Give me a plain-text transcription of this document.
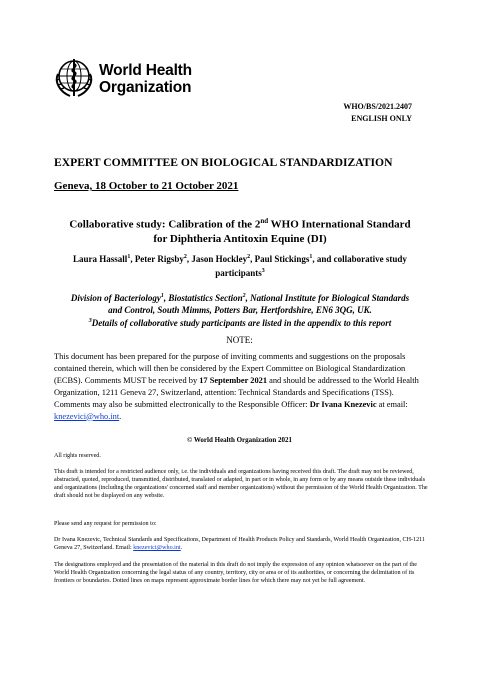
World Health
Organization
WHO/BS/2021.2407
ENGLISH ONLY
EXPERT COMMITTEE ON BIOLOGICAL STANDARDIZATION
Geneva, 18 October to 21 October 2021
Collaborative study: Calibration of the 2nd WHO International Standard
for Diphtheria Antitoxin Equine (DI)
Laura Hassall$^1$, Peter Rigsby$^2$, Jason Hockley$^2$, Paul Stickings$^1$, and collaborative study
participants$^3$
Division of Bacteriology$^1$, Biostatistics Section$^2$, National Institute for Biological Standards
and Control, South Mimms, Potters Bar, Hertfordshire, EN6 3QG, UK.
$^3$Details of collaborative study participants are listed in the appendix to this report
NOTE:
This document has been prepared for the purpose of inviting comments and suggestions on the proposals contained therein, which will then be considered by the Expert Committee on Biological Standardization (ECBS). Comments MUST be received by 17 September 2021 and should be addressed to the World Health Organization, 1211 Geneva 27, Switzerland, attention: Technical Standards and Specifications (TSS). Comments may also be submitted electronically to the Responsible Officer: Dr Ivana Knezevic at email: knezevici@who.int.
© World Health Organization 2021
All rights reserved.
This draft is intended for a restricted audience only, i.e. the individuals and organizations having received this draft. The draft may not be reviewed, abstracted, quoted, reproduced, transmitted, distributed, translated or adapted, in part or in whole, in any form or by any means outside these individuals and organizations (including the organizations' concerned staff and member organizations) without the permission of the World Health Organization. The draft should not be displayed on any website.
Please send any request for permission to:
Dr Ivana Knezevic, Technical Standards and Specifications, Department of Health Products Policy and Standards, World Health Organization, CH-1211 Geneva 27, Switzerland. Email: knezevici@who.int.
The designations employed and the presentation of the material in this draft do not imply the expression of any opinion whatsoever on the part of the World Health Organization concerning the legal status of any country, territory, city or area or of its authorities, or concerning the delimitation of its frontiers or boundaries. Dotted lines on maps represent approximate border lines for which there may not yet be full agreement.
